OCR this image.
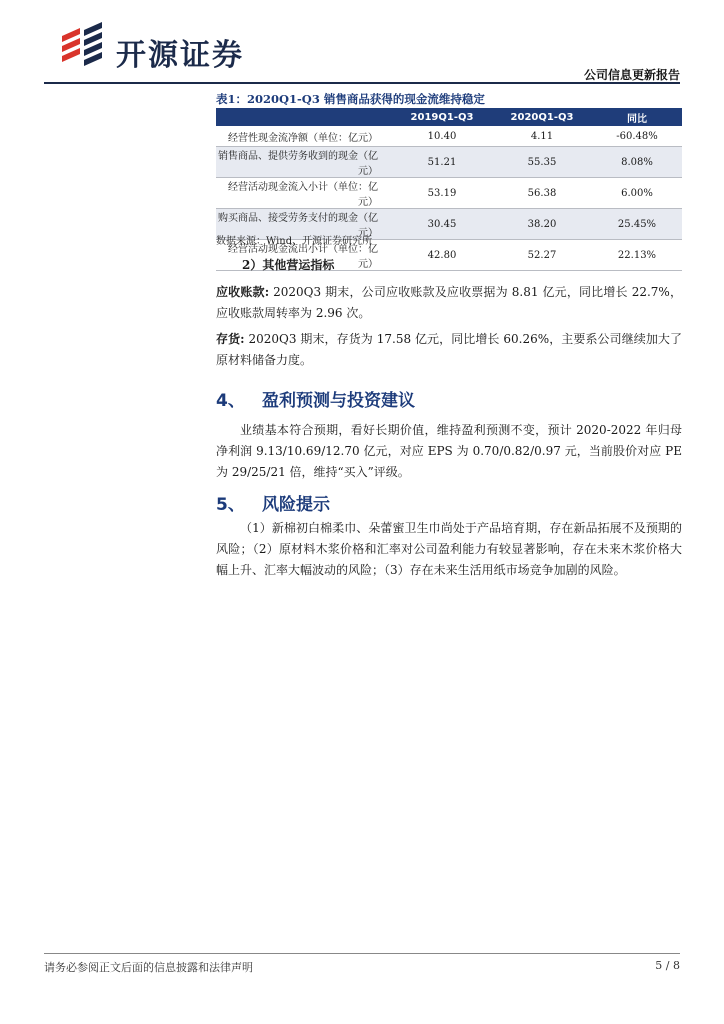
开源证券
公司信息更新报告
表1：2020Q1-Q3 销售商品获得的现金流维持稳定
	2019Q1-Q3	2020Q1-Q3	同比
经营性现金流净额（单位：亿元）	10.40	4.11	-60.48%
销售商品、提供劳务收到的现金（亿元）	51.21	55.35	8.08%
经营活动现金流入小计（单位：亿元）	53.19	56.38	6.00%
购买商品、接受劳务支付的现金（亿元）	30.45	38.20	25.45%
经营活动现金流出小计（单位：亿元）	42.80	52.27	22.13%
数据来源：Wind、开源证券研究所
2）其他营运指标
应收账款: 2020Q3 期末，公司应收账款及应收票据为 8.81 亿元，同比增长 22.7%，应收账款周转率为 2.96 次。
存货: 2020Q3 期末，存货为 17.58 亿元，同比增长 60.26%，主要系公司继续加大了原材料储备力度。
4、 盈利预测与投资建议
业绩基本符合预期，看好长期价值，维持盈利预测不变，预计 2020-2022 年归母净利润 9.13/10.69/12.70 亿元，对应 EPS 为 0.70/0.82/0.97 元，当前股价对应 PE 为 29/25/21 倍，维持“买入”评级。
5、 风险提示
（1）新棉初白棉柔巾、朵蕾蜜卫生巾尚处于产品培育期，存在新品拓展不及预期的风险；（2）原材料木浆价格和汇率对公司盈利能力有较显著影响，存在未来木浆价格大幅上升、汇率大幅波动的风险；（3）存在未来生活用纸市场竞争加剧的风险。
请务必参阅正文后面的信息披露和法律声明	5 / 8
